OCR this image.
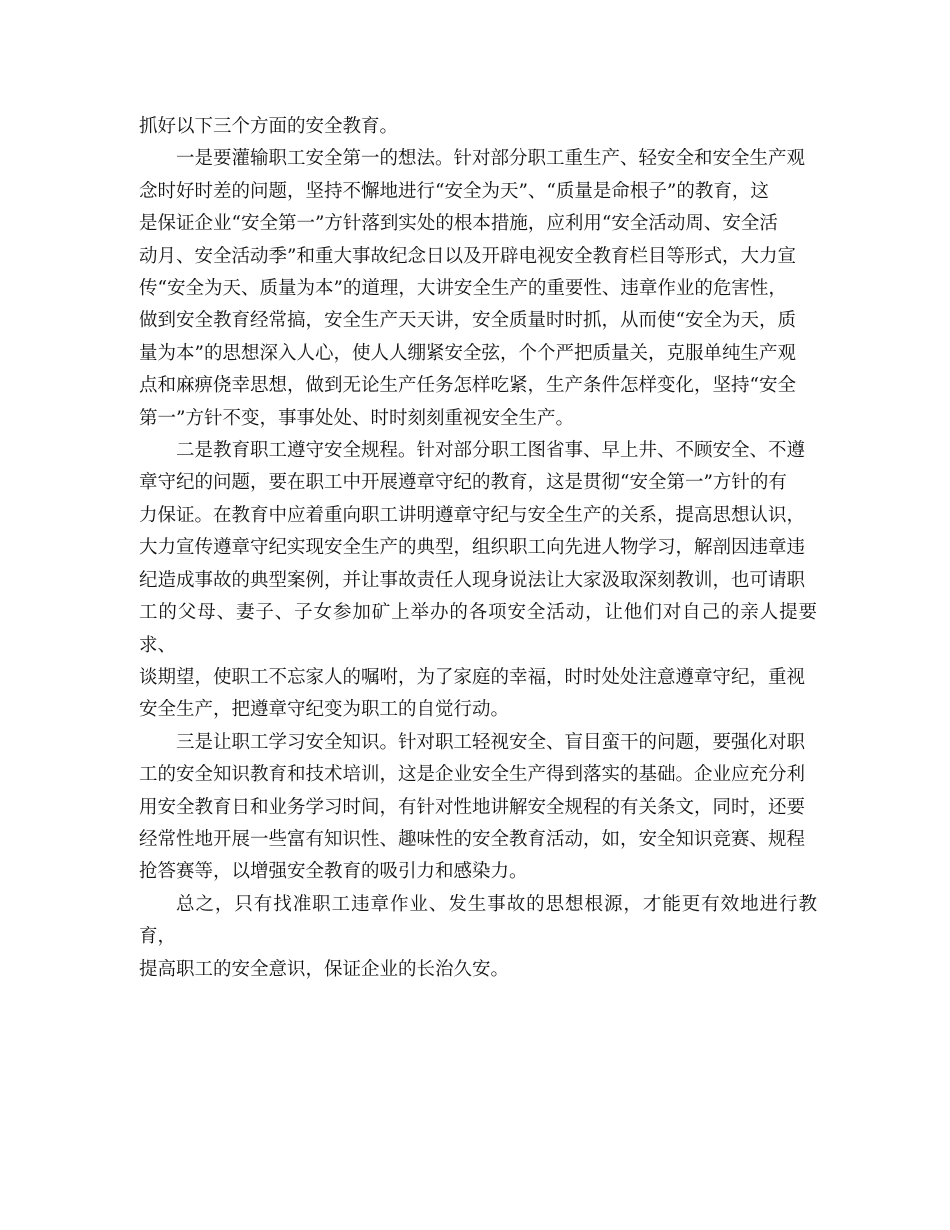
抓好以下三个方面的安全教育。

一是要灌输职工安全第一的想法。针对部分职工重生产、轻安全和安全生产观
念时好时差的问题，坚持不懈地进行“安全为天”、“质量是命根子”的教育，这
是保证企业“安全第一”方针落到实处的根本措施，应利用“安全活动周、安全活
动月、安全活动季”和重大事故纪念日以及开辟电视安全教育栏目等形式，大力宣
传“安全为天、质量为本”的道理，大讲安全生产的重要性、违章作业的危害性，
做到安全教育经常搞，安全生产天天讲，安全质量时时抓，从而使“安全为天，质
量为本”的思想深入人心，使人人绷紧安全弦，个个严把质量关，克服单纯生产观
点和麻痹侥幸思想，做到无论生产任务怎样吃紧，生产条件怎样变化，坚持“安全
第一”方针不变，事事处处、时时刻刻重视安全生产。

二是教育职工遵守安全规程。针对部分职工图省事、早上井、不顾安全、不遵
章守纪的问题，要在职工中开展遵章守纪的教育，这是贯彻“安全第一”方针的有
力保证。在教育中应着重向职工讲明遵章守纪与安全生产的关系，提高思想认识，
大力宣传遵章守纪实现安全生产的典型，组织职工向先进人物学习，解剖因违章违
纪造成事故的典型案例，并让事故责任人现身说法让大家汲取深刻教训，也可请职
工的父母、妻子、子女参加矿上举办的各项安全活动，让他们对自己的亲人提要求、
谈期望，使职工不忘家人的嘱咐，为了家庭的幸福，时时处处注意遵章守纪，重视
安全生产，把遵章守纪变为职工的自觉行动。

三是让职工学习安全知识。针对职工轻视安全、盲目蛮干的问题，要强化对职
工的安全知识教育和技术培训，这是企业安全生产得到落实的基础。企业应充分利
用安全教育日和业务学习时间，有针对性地讲解安全规程的有关条文，同时，还要
经常性地开展一些富有知识性、趣味性的安全教育活动，如，安全知识竞赛、规程
抢答赛等，以增强安全教育的吸引力和感染力。

总之，只有找准职工违章作业、发生事故的思想根源，才能更有效地进行教育，
提高职工的安全意识，保证企业的长治久安。
